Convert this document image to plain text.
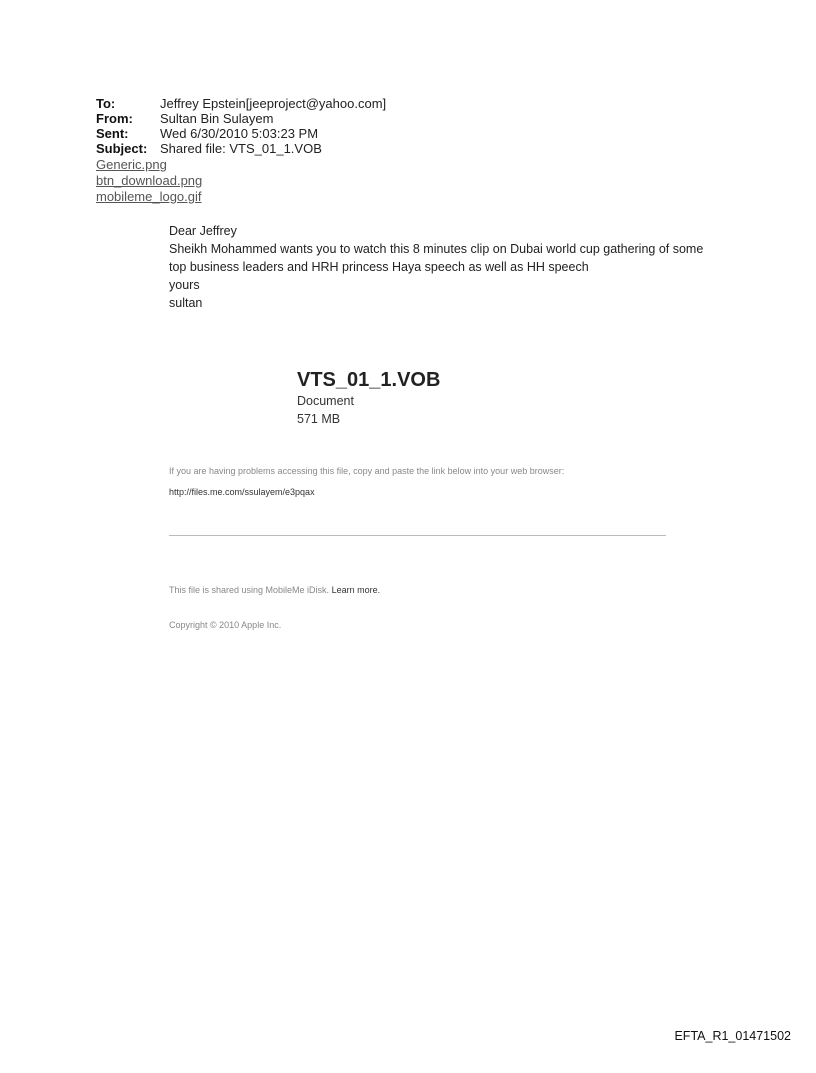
To:	Jeffrey Epstein[jeeproject@yahoo.com]
From:	Sultan Bin Sulayem
Sent:	Wed 6/30/2010 5:03:23 PM
Subject: Shared file: VTS_01_1.VOB
Generic.png
btn_download.png
mobileme_logo.gif

Dear Jeffrey

Sheikh Mohammed wants you to watch this 8 minutes clip on Dubai world cup gathering of some

top business leaders and HRH princess Haya speech as well as HH speech

yours

sultan

VTS_01_1.VOB
Document
571 MB
If you are having problems accessing this file, copy and paste the link below into your web browser:
http://files.me.com/ssulayem/e3pqax
This file is shared using MobileMe iDisk. Learn more.
Copyright © 2010 Apple Inc.
EFTA_R1_01471502
